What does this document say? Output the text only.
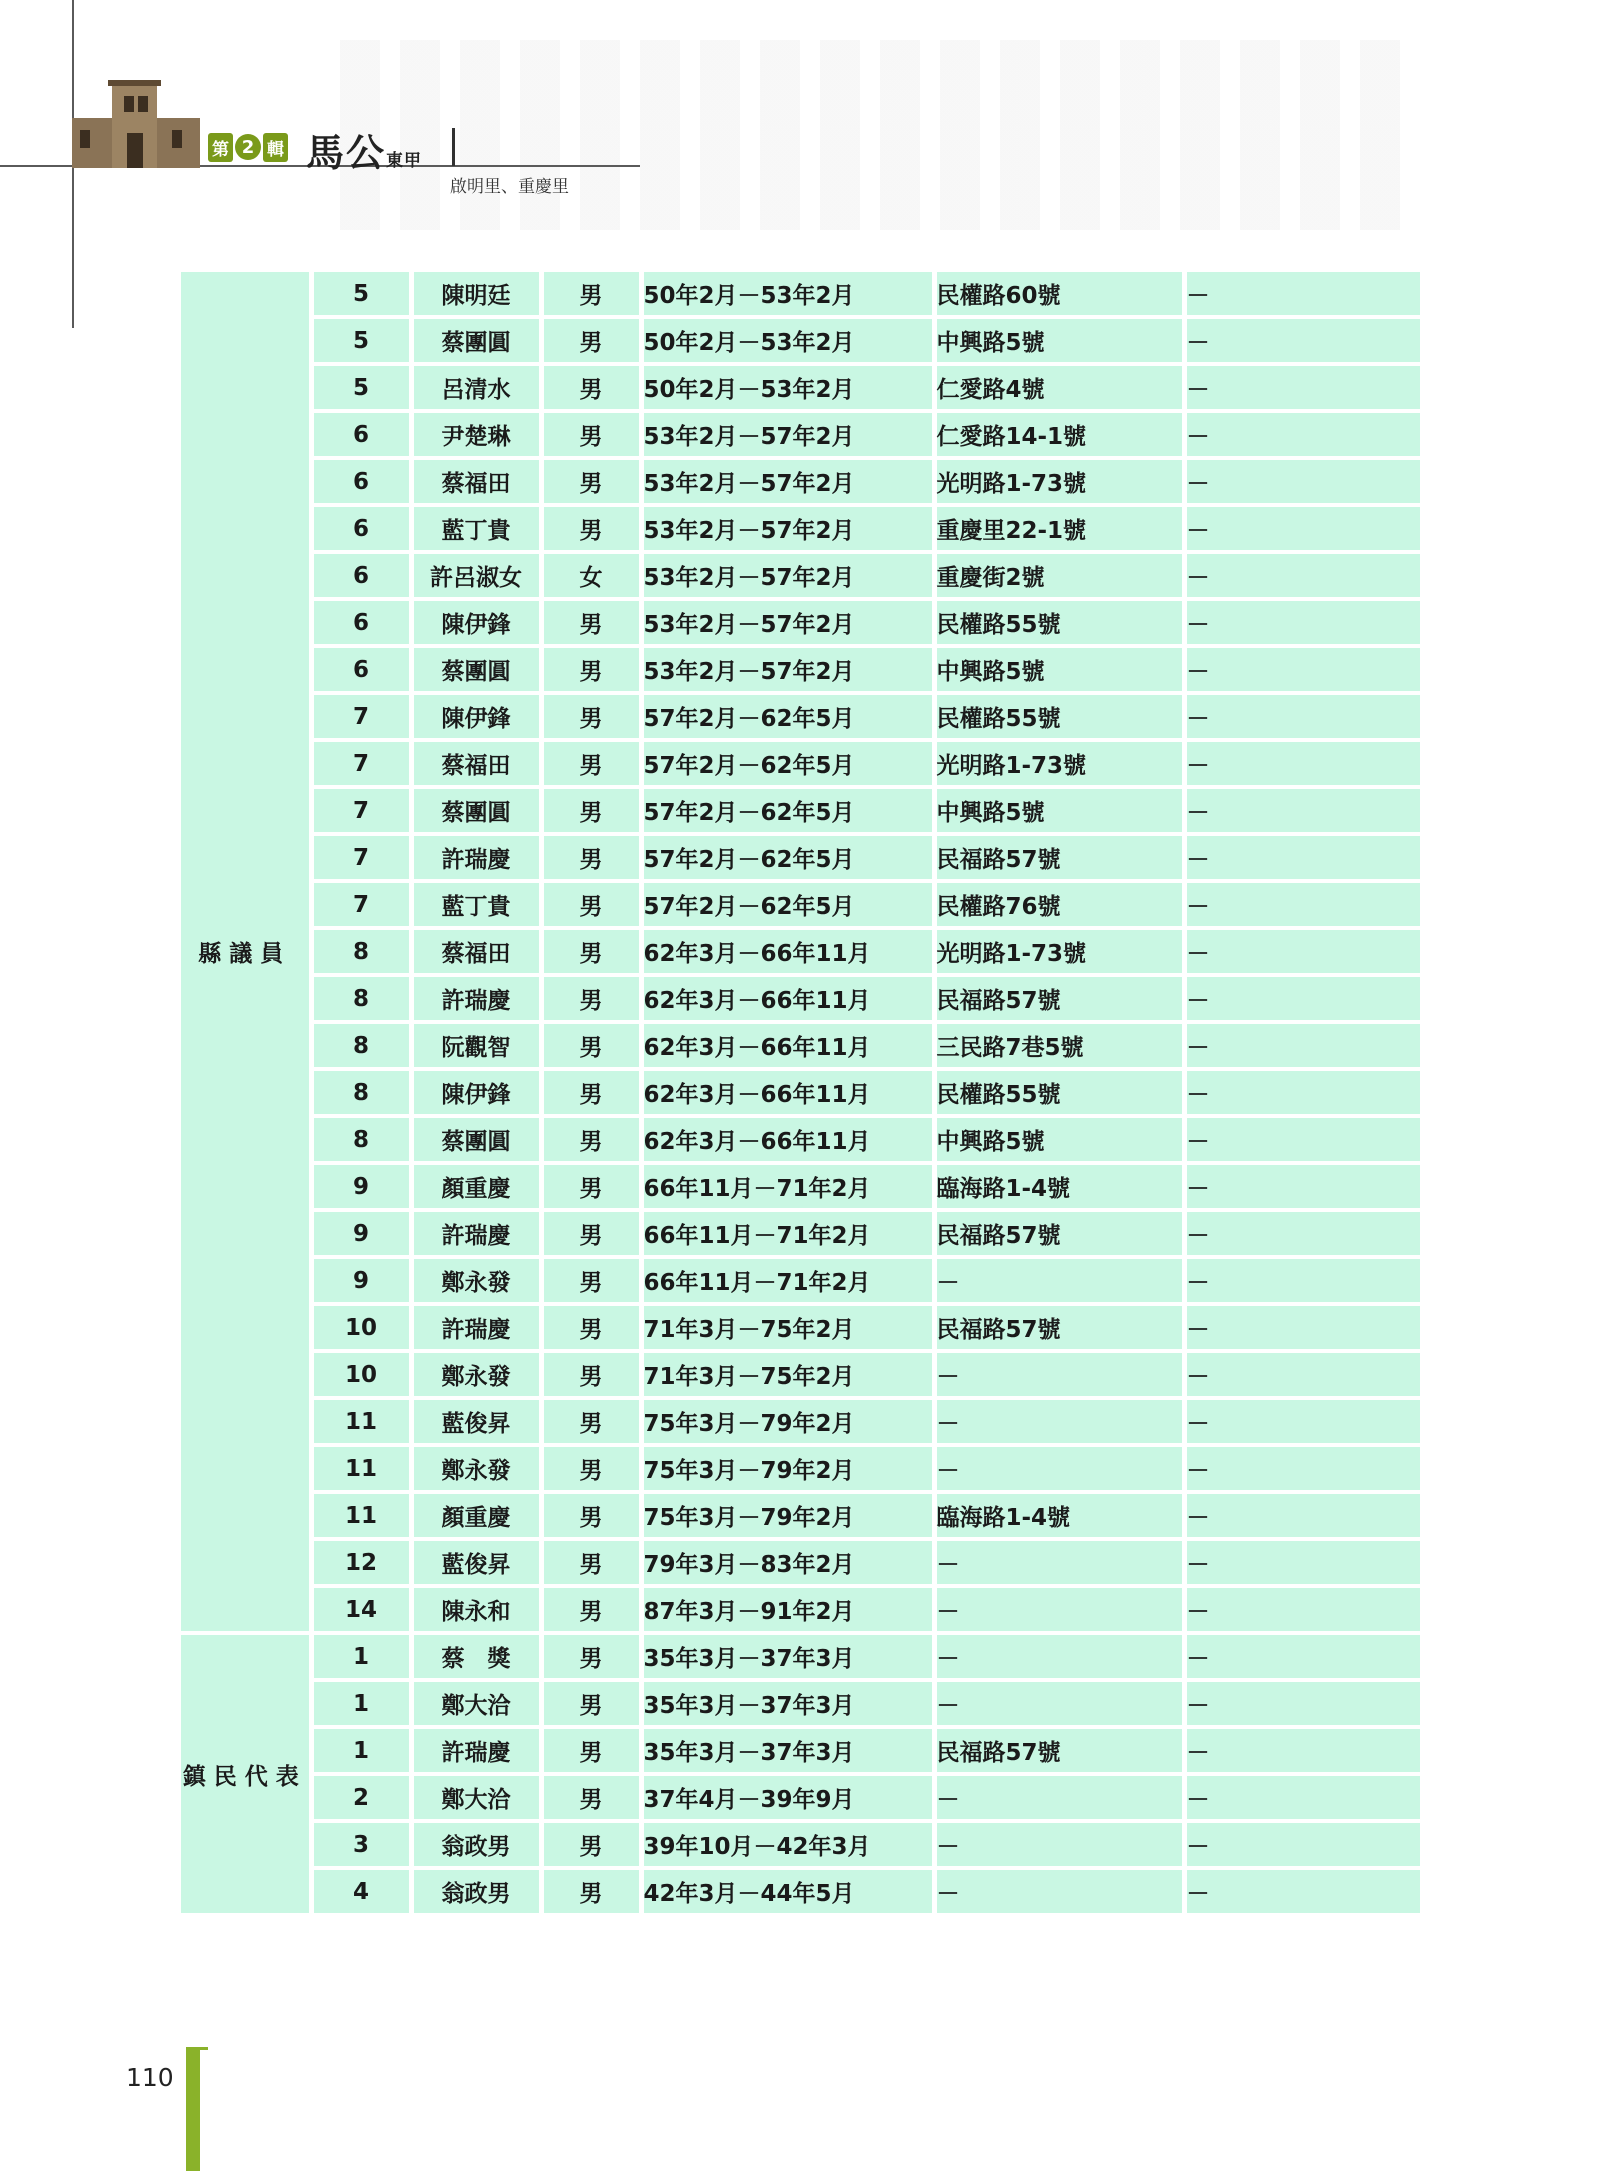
第 2 輯 馬公東甲
啟明里、重慶里
縣議員	5	陳明廷	男	50年2月－53年2月	民權路60號	－
	5	蔡團圓	男	50年2月－53年2月	中興路5號	－
	5	呂清水	男	50年2月－53年2月	仁愛路4號	－
	6	尹楚琳	男	53年2月－57年2月	仁愛路14-1號	－
	6	蔡福田	男	53年2月－57年2月	光明路1-73號	－
	6	藍丁貴	男	53年2月－57年2月	重慶里22-1號	－
	6	許呂淑女	女	53年2月－57年2月	重慶街2號	－
	6	陳伊鋒	男	53年2月－57年2月	民權路55號	－
	6	蔡團圓	男	53年2月－57年2月	中興路5號	－
	7	陳伊鋒	男	57年2月－62年5月	民權路55號	－
	7	蔡福田	男	57年2月－62年5月	光明路1-73號	－
	7	蔡團圓	男	57年2月－62年5月	中興路5號	－
	7	許瑞慶	男	57年2月－62年5月	民福路57號	－
	7	藍丁貴	男	57年2月－62年5月	民權路76號	－
	8	蔡福田	男	62年3月－66年11月	光明路1-73號	－
	8	許瑞慶	男	62年3月－66年11月	民福路57號	－
	8	阮觀智	男	62年3月－66年11月	三民路7巷5號	－
	8	陳伊鋒	男	62年3月－66年11月	民權路55號	－
	8	蔡團圓	男	62年3月－66年11月	中興路5號	－
	9	顏重慶	男	66年11月－71年2月	臨海路1-4號	－
	9	許瑞慶	男	66年11月－71年2月	民福路57號	－
	9	鄭永發	男	66年11月－71年2月	－	－
	10	許瑞慶	男	71年3月－75年2月	民福路57號	－
	10	鄭永發	男	71年3月－75年2月	－	－
	11	藍俊昇	男	75年3月－79年2月	－	－
	11	鄭永發	男	75年3月－79年2月	－	－
	11	顏重慶	男	75年3月－79年2月	臨海路1-4號	－
	12	藍俊昇	男	79年3月－83年2月	－	－
	14	陳永和	男	87年3月－91年2月	－	－
鎮民代表	1	蔡　獎	男	35年3月－37年3月	－	－
	1	鄭大洽	男	35年3月－37年3月	－	－
	1	許瑞慶	男	35年3月－37年3月	民福路57號	－
	2	鄭大洽	男	37年4月－39年9月	－	－
	3	翁政男	男	39年10月－42年3月	－	－
	4	翁政男	男	42年3月－44年5月	－	－
110
